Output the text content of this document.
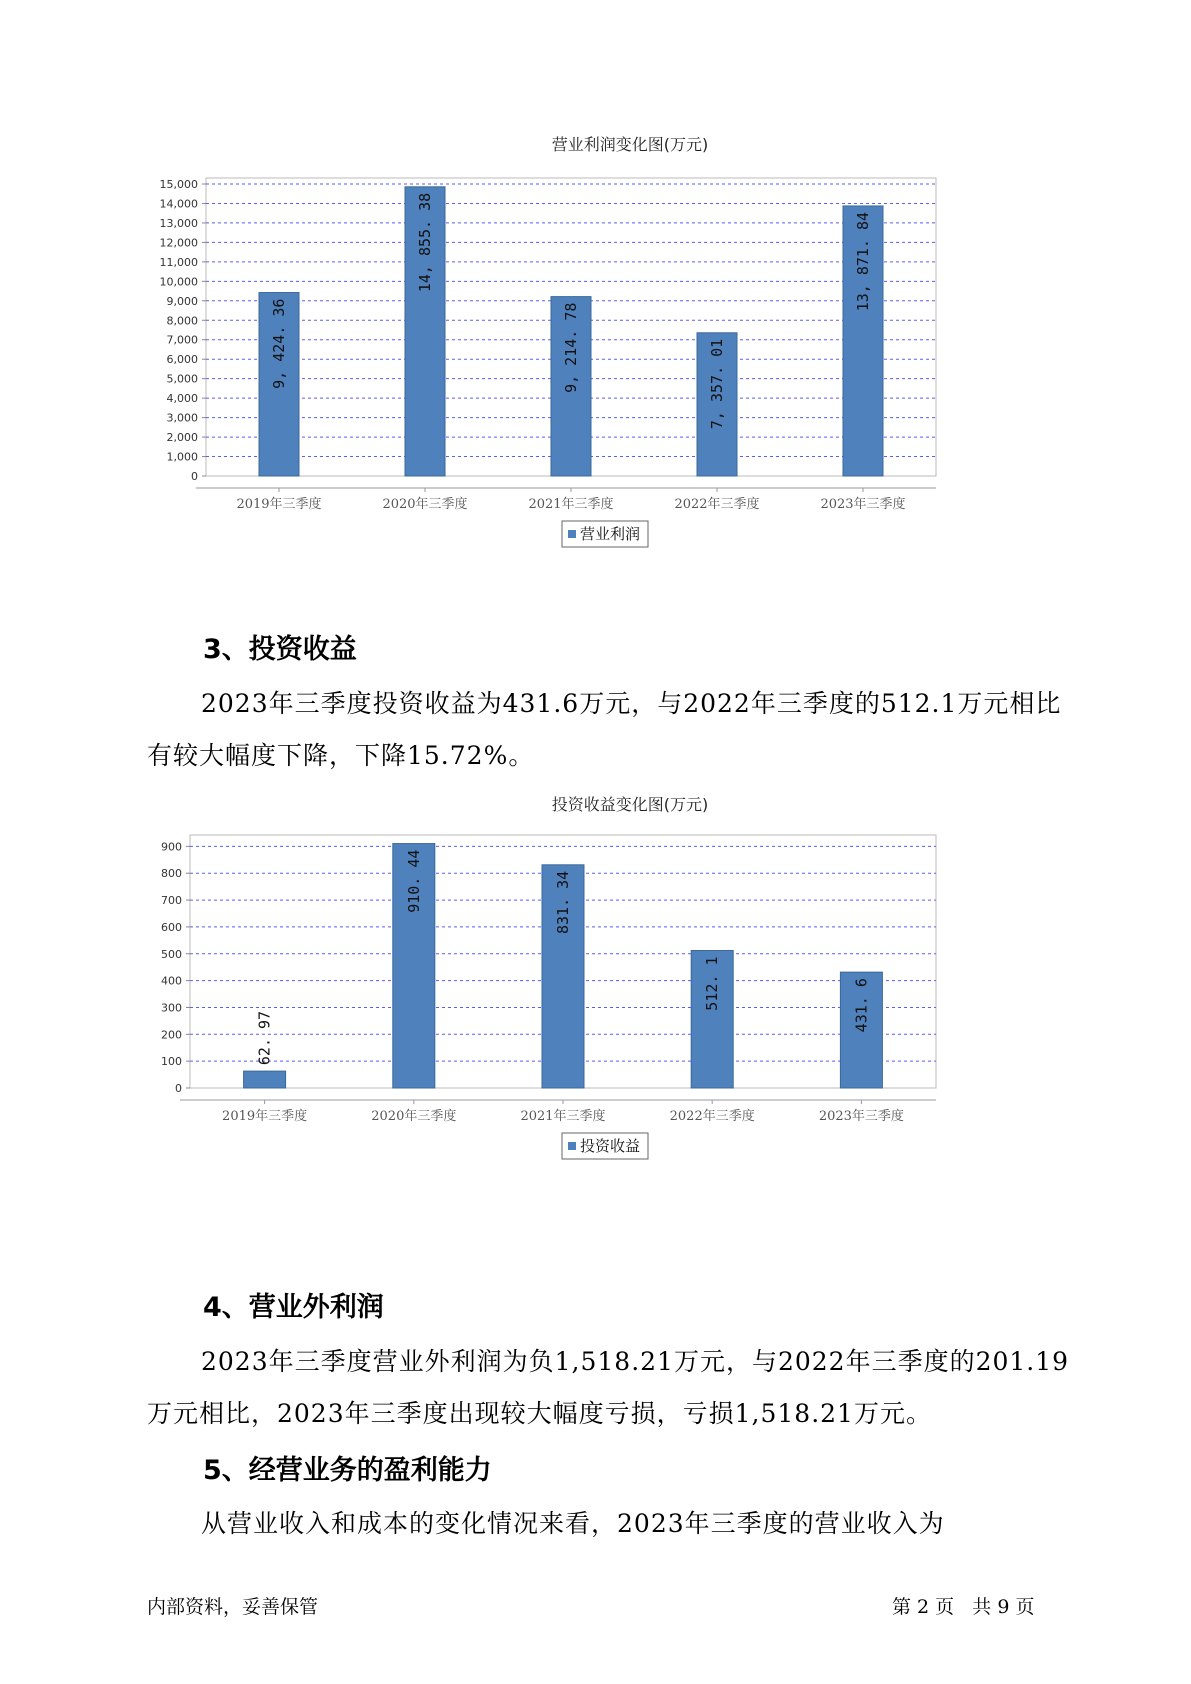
营业利润变化图(万元)
0
1,000
2,000
3,000
4,000
5,000
6,000
7,000
8,000
9,000
10,000
11,000
12,000
13,000
14,000
15,000
2019年三季度
9, 424. 36
2020年三季度
14, 855. 38
2021年三季度
9, 214. 78
2022年三季度
7, 357. 01
2023年三季度
13, 871. 84
营业利润
3、投资收益

2023年三季度投资收益为431.6万元，与2022年三季度的512.1万元相比有较大幅度下降，下降15.72%。

投资收益变化图(万元)
0
100
200
300
400
500
600
700
800
900
2019年三季度
62. 97
2020年三季度
910. 44
2021年三季度
831. 34
2022年三季度
512. 1
2023年三季度
431. 6
投资收益
4、营业外利润

2023年三季度营业外利润为负1,518.21万元，与2022年三季度的201.19万元相比，2023年三季度出现较大幅度亏损，亏损1,518.21万元。

5、经营业务的盈利能力

从营业收入和成本的变化情况来看，2023年三季度的营业收入为

内部资料，妥善保管	第 2 页   共 9 页
